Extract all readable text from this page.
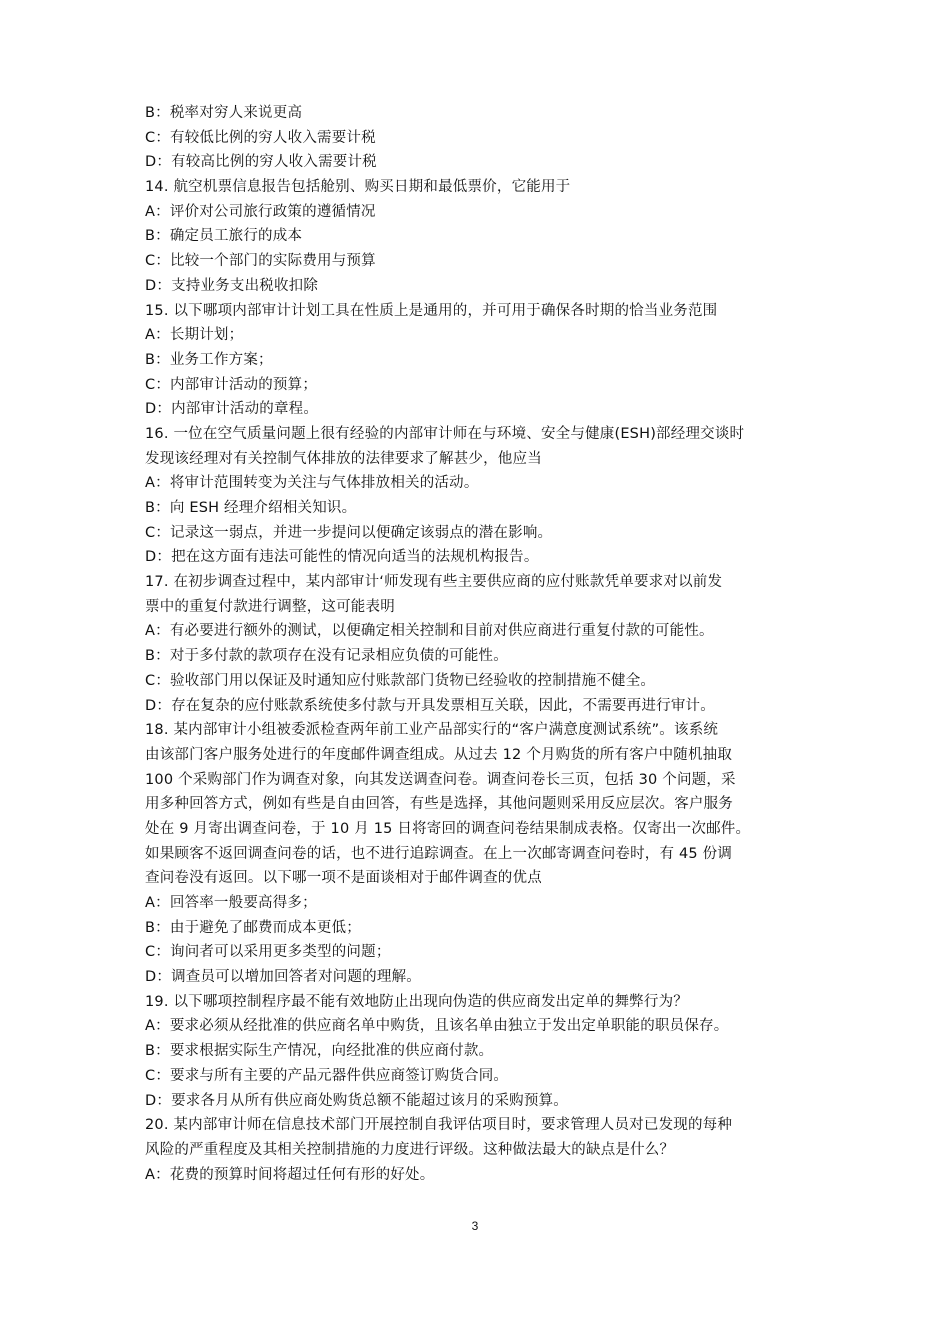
B：税率对穷人来说更高
C：有较低比例的穷人收入需要计税
D：有较高比例的穷人收入需要计税
14. 航空机票信息报告包括舱别、购买日期和最低票价，它能用于
A：评价对公司旅行政策的遵循情况
B：确定员工旅行的成本
C：比较一个部门的实际费用与预算
D：支持业务支出税收扣除
15. 以下哪项内部审计计划工具在性质上是通用的，并可用于确保各时期的恰当业务范围
A：长期计划；
B：业务工作方案；
C：内部审计活动的预算；
D：内部审计活动的章程。
16. 一位在空气质量问题上很有经验的内部审计师在与环境、安全与健康(ESH)部经理交谈时
发现该经理对有关控制气体排放的法律要求了解甚少，他应当
A：将审计范围转变为关注与气体排放相关的活动。
B：向 ESH 经理介绍相关知识。
C：记录这一弱点，并进一步提问以便确定该弱点的潜在影响。
D：把在这方面有违法可能性的情况向适当的法规机构报告。
17. 在初步调查过程中，某内部审计‘师发现有些主要供应商的应付账款凭单要求对以前发
票中的重复付款进行调整，这可能表明
A：有必要进行额外的测试，以便确定相关控制和目前对供应商进行重复付款的可能性。
B：对于多付款的款项存在没有记录相应负债的可能性。
C：验收部门用以保证及时通知应付账款部门货物已经验收的控制措施不健全。
D：存在复杂的应付账款系统使多付款与开具发票相互关联，因此，不需要再进行审计。
18. 某内部审计小组被委派检查两年前工业产品部实行的“客户满意度测试系统”。该系统
由该部门客户服务处进行的年度邮件调查组成。从过去 12 个月购货的所有客户中随机抽取
100 个采购部门作为调查对象，向其发送调查问卷。调查问卷长三页，包括 30 个问题，采
用多种回答方式，例如有些是自由回答，有些是选择，其他问题则采用反应层次。客户服务
处在 9 月寄出调查问卷，于 10 月 15 日将寄回的调查问卷结果制成表格。仅寄出一次邮件。
如果顾客不返回调查问卷的话，也不进行追踪调查。在上一次邮寄调查问卷时，有 45 份调
查问卷没有返回。以下哪一项不是面谈相对于邮件调查的优点
A：回答率一般要高得多；
B：由于避免了邮费而成本更低；
C：询问者可以采用更多类型的问题；
D：调查员可以增加回答者对问题的理解。
19. 以下哪项控制程序最不能有效地防止出现向伪造的供应商发出定单的舞弊行为？
A：要求必须从经批准的供应商名单中购货，且该名单由独立于发出定单职能的职员保存。
B：要求根据实际生产情况，向经批准的供应商付款。
C：要求与所有主要的产品元器件供应商签订购货合同。
D：要求各月从所有供应商处购货总额不能超过该月的采购预算。
20. 某内部审计师在信息技术部门开展控制自我评估项目时，要求管理人员对已发现的每种
风险的严重程度及其相关控制措施的力度进行评级。这种做法最大的缺点是什么？
A：花费的预算时间将超过任何有形的好处。
3
